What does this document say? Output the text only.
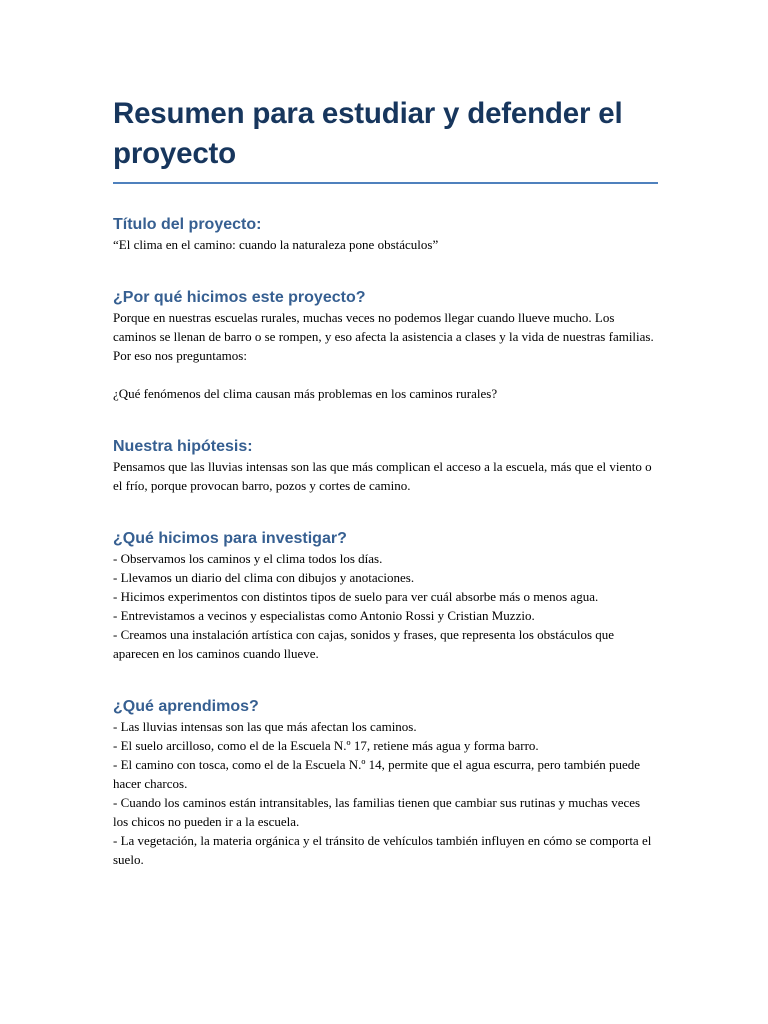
Resumen para estudiar y defender el proyecto
Título del proyecto:

“El clima en el camino: cuando la naturaleza pone obstáculos”

¿Por qué hicimos este proyecto?

Porque en nuestras escuelas rurales, muchas veces no podemos llegar cuando llueve mucho. Los caminos se llenan de barro o se rompen, y eso afecta la asistencia a clases y la vida de nuestras familias. Por eso nos preguntamos:

¿Qué fenómenos del clima causan más problemas en los caminos rurales?

Nuestra hipótesis:

Pensamos que las lluvias intensas son las que más complican el acceso a la escuela, más que el viento o el frío, porque provocan barro, pozos y cortes de camino.

¿Qué hicimos para investigar?

- Observamos los caminos y el clima todos los días.

- Llevamos un diario del clima con dibujos y anotaciones.

- Hicimos experimentos con distintos tipos de suelo para ver cuál absorbe más o menos agua.

- Entrevistamos a vecinos y especialistas como Antonio Rossi y Cristian Muzzio.

- Creamos una instalación artística con cajas, sonidos y frases, que representa los obstáculos que aparecen en los caminos cuando llueve.

¿Qué aprendimos?

- Las lluvias intensas son las que más afectan los caminos.

- El suelo arcilloso, como el de la Escuela N.º 17, retiene más agua y forma barro.

- El camino con tosca, como el de la Escuela N.º 14, permite que el agua escurra, pero también puede hacer charcos.

- Cuando los caminos están intransitables, las familias tienen que cambiar sus rutinas y muchas veces los chicos no pueden ir a la escuela.

- La vegetación, la materia orgánica y el tránsito de vehículos también influyen en cómo se comporta el suelo.
